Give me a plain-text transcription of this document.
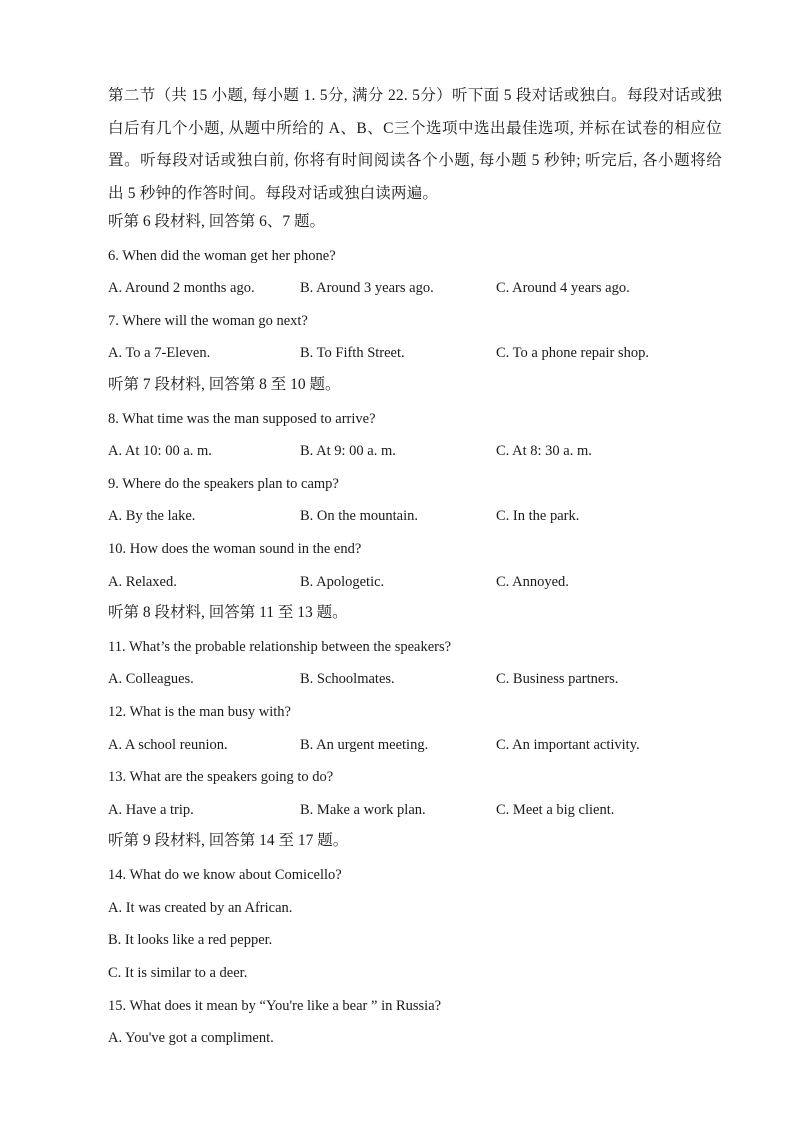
第二节（共 15 小题, 每小题 1. 5分, 满分 22. 5分）听下面 5 段对话或独白。每段对话或独白后有几个小题, 从题中所给的 A、B、C三个选项中选出最佳选项, 并标在试卷的相应位置。听每段对话或独白前, 你将有时间阅读各个小题, 每小题 5 秒钟; 听完后, 各小题将给出 5 秒钟的作答时间。每段对话或独白读两遍。

听第 6 段材料, 回答第 6、7 题。
6. When did the woman get her phone?
A. Around 2 months ago.	B. Around 3 years ago.	C. Around 4 years ago.
7. Where will the woman go next?
A. To a 7-Eleven.	B. To Fifth Street.	C. To a phone repair shop.
听第 7 段材料, 回答第 8 至 10 题。
8. What time was the man supposed to arrive?
A. At 10: 00 a. m.	B. At 9: 00 a. m.	C. At 8: 30 a. m.
9. Where do the speakers plan to camp?
A. By the lake.	B. On the mountain.	C. In the park.
10. How does the woman sound in the end?
A. Relaxed.	B. Apologetic.	C. Annoyed.
听第 8 段材料, 回答第 11 至 13 题。
11. What’s the probable relationship between the speakers?
A. Colleagues.	B. Schoolmates.	C. Business partners.
12. What is the man busy with?
A. A school reunion.	B. An urgent meeting.	C. An important activity.
13. What are the speakers going to do?
A. Have a trip.	B. Make a work plan.	C. Meet a big client.
听第 9 段材料, 回答第 14 至 17 题。
14. What do we know about Comicello?
A. It was created by an African.
B. It looks like a red pepper.
C. It is similar to a deer.
15. What does it mean by “You're like a bear ” in Russia?
A. You've got a compliment.
